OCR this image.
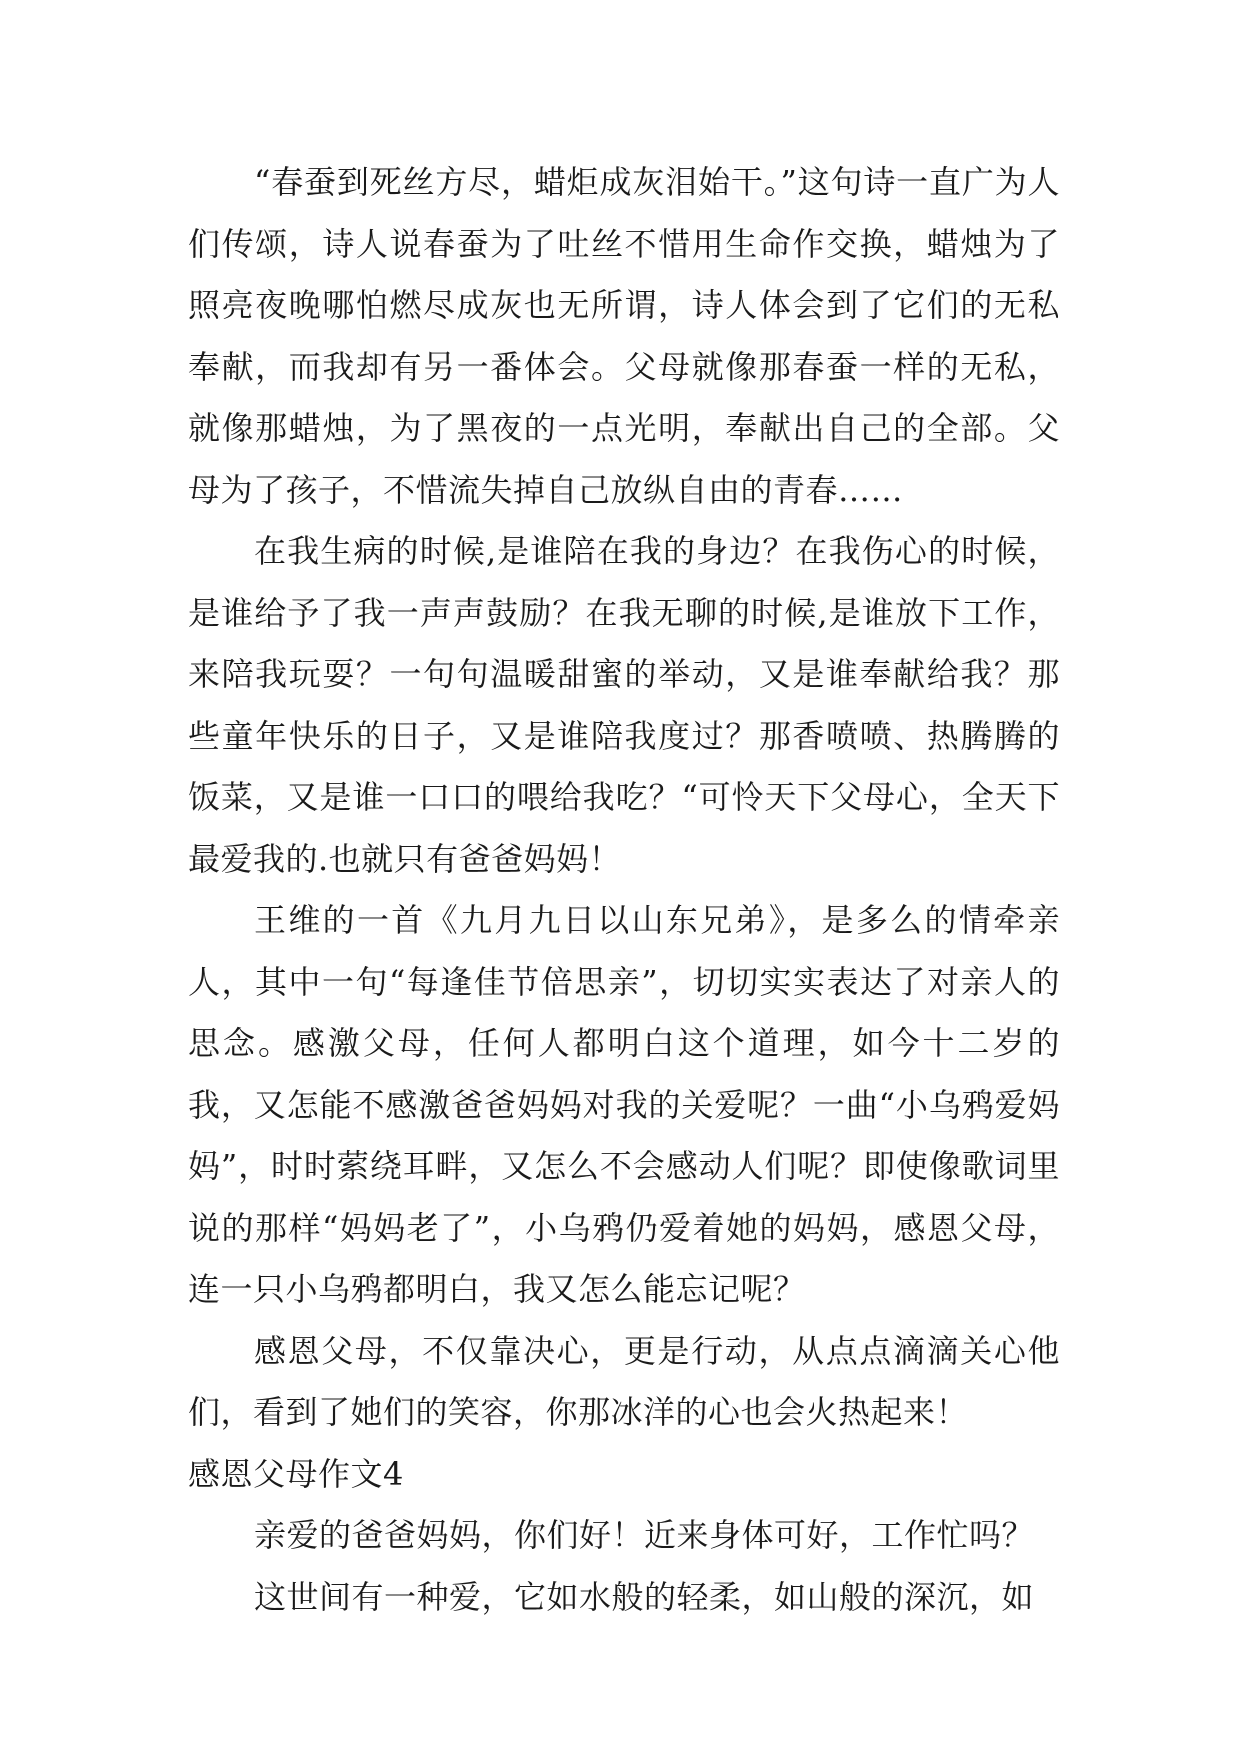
“春蚕到死丝方尽，蜡炬成灰泪始干。”这句诗一直广为人们传颂，诗人说春蚕为了吐丝不惜用生命作交换，蜡烛为了照亮夜晚哪怕燃尽成灰也无所谓，诗人体会到了它们的无私奉献，而我却有另一番体会。父母就像那春蚕一样的无私，就像那蜡烛，为了黑夜的一点光明，奉献出自己的全部。父母为了孩子，不惜流失掉自己放纵自由的青春……

在我生病的时候,是谁陪在我的身边？在我伤心的时候，是谁给予了我一声声鼓励？在我无聊的时候,是谁放下工作，来陪我玩耍？一句句温暖甜蜜的举动，又是谁奉献给我？那些童年快乐的日子，又是谁陪我度过？那香喷喷、热腾腾的饭菜，又是谁一口口的喂给我吃？“可怜天下父母心，全天下最爱我的.也就只有爸爸妈妈！

王维的一首《九月九日以山东兄弟》，是多么的情牵亲人，其中一句“每逢佳节倍思亲”，切切实实表达了对亲人的思念。感激父母，任何人都明白这个道理，如今十二岁的我，又怎能不感激爸爸妈妈对我的关爱呢？一曲“小乌鸦爱妈妈”，时时萦绕耳畔，又怎么不会感动人们呢？即使像歌词里说的那样“妈妈老了”，小乌鸦仍爱着她的妈妈，感恩父母，连一只小乌鸦都明白，我又怎么能忘记呢？

感恩父母，不仅靠决心，更是行动，从点点滴滴关心他们，看到了她们的笑容，你那冰洋的心也会火热起来！

感恩父母作文4

亲爱的爸爸妈妈，你们好！近来身体可好，工作忙吗？

这世间有一种爱，它如水般的轻柔，如山般的深沉，如
